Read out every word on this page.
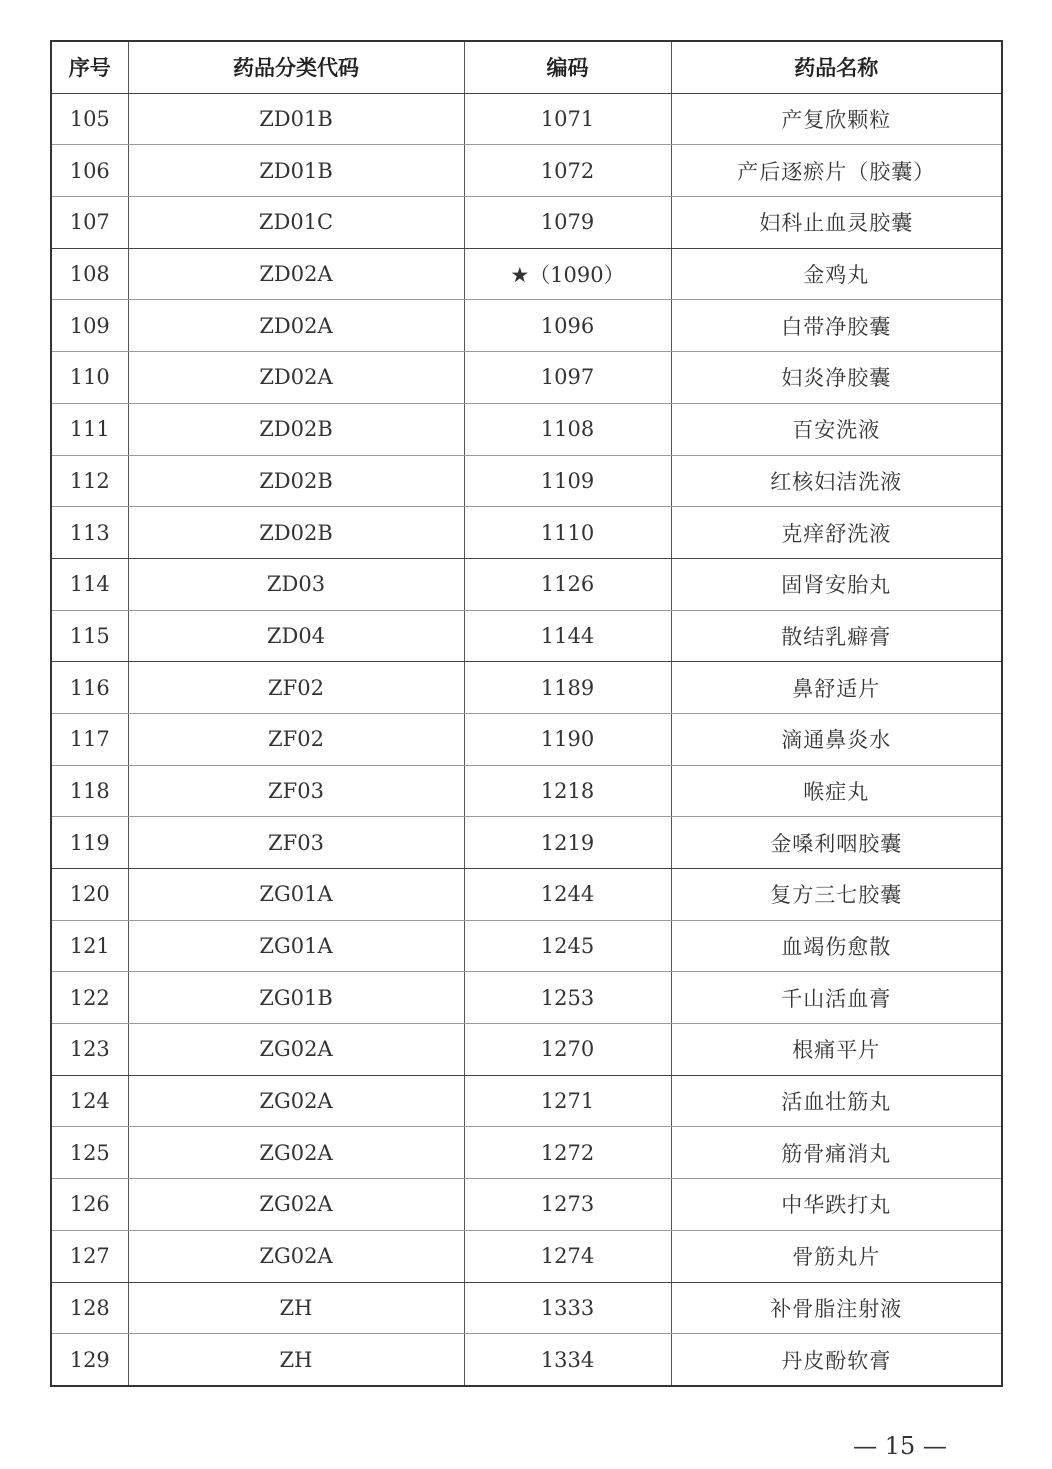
序号	药品分类代码	编码	药品名称
105	ZD01B	1071	产复欣颗粒
106	ZD01B	1072	产后逐瘀片（胶囊）
107	ZD01C	1079	妇科止血灵胶囊
108	ZD02A	★（1090）	金鸡丸
109	ZD02A	1096	白带净胶囊
110	ZD02A	1097	妇炎净胶囊
111	ZD02B	1108	百安洗液
112	ZD02B	1109	红核妇洁洗液
113	ZD02B	1110	克痒舒洗液
114	ZD03	1126	固肾安胎丸
115	ZD04	1144	散结乳癖膏
116	ZF02	1189	鼻舒适片
117	ZF02	1190	滴通鼻炎水
118	ZF03	1218	喉症丸
119	ZF03	1219	金嗓利咽胶囊
120	ZG01A	1244	复方三七胶囊
121	ZG01A	1245	血竭伤愈散
122	ZG01B	1253	千山活血膏
123	ZG02A	1270	根痛平片
124	ZG02A	1271	活血壮筋丸
125	ZG02A	1272	筋骨痛消丸
126	ZG02A	1273	中华跌打丸
127	ZG02A	1274	骨筋丸片
128	ZH	1333	补骨脂注射液
129	ZH	1334	丹皮酚软膏
— 15 —
